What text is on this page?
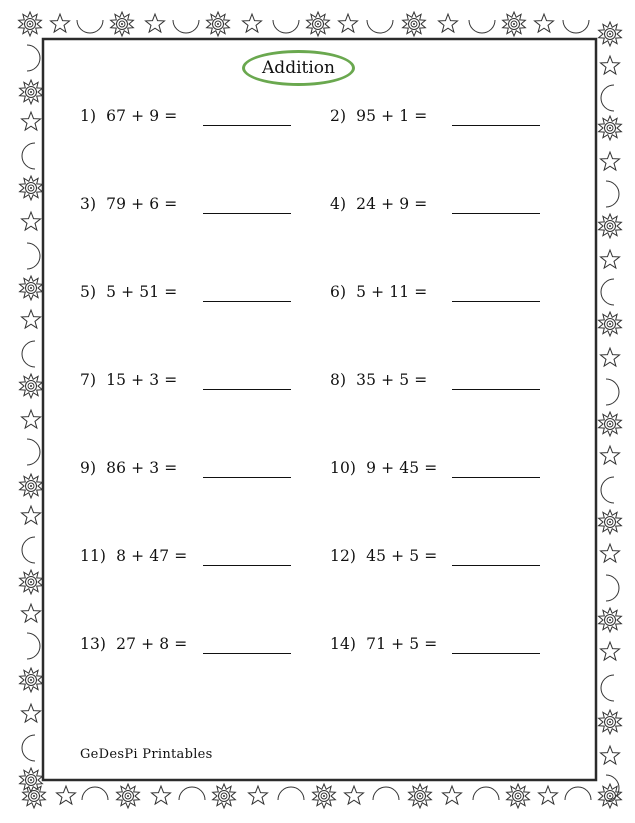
Addition
1) 67 + 9 =	2) 95 + 1 =
3) 79 + 6 =	4) 24 + 9 =
5) 5 + 51 =	6) 5 + 11 =
7) 15 + 3 =	8) 35 + 5 =
9) 86 + 3 =	10) 9 + 45 =
11) 8 + 47 =	12) 45 + 5 =
13) 27 + 8 =	14) 71 + 5 =
GeDesPi Printables
